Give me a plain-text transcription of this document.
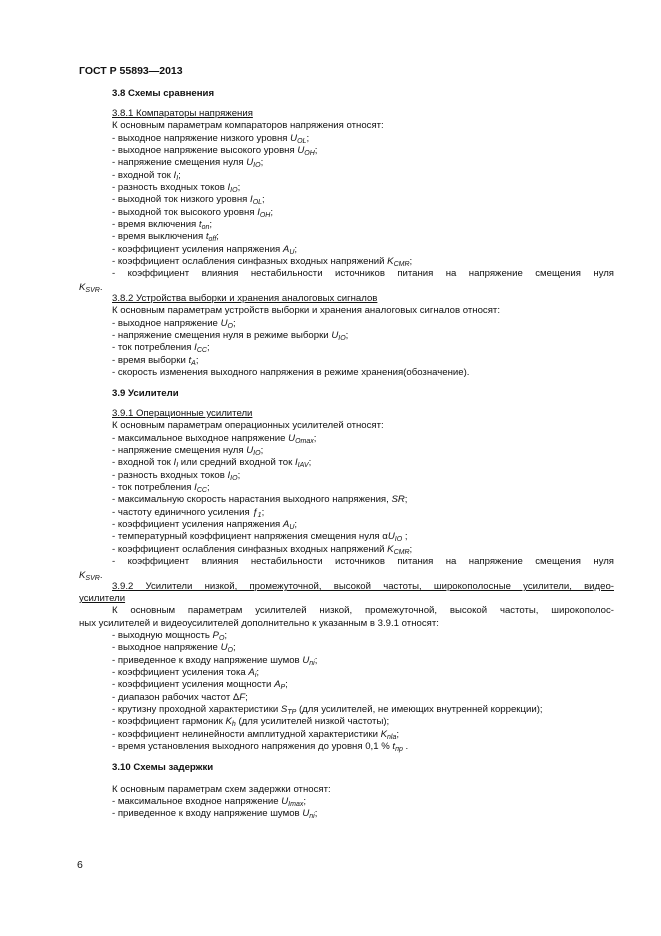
ГОСТ Р 55893—2013
3.8 Схемы сравнения
3.8.1 Компараторы напряжения
К основным параметрам компараторов напряжения относят:
- выходное напряжение низкого уровня $U_{OL}$;
- выходное напряжение высокого уровня $U_{OH}$;
- напряжение смещения нуля $U_{IO}$;
- входной ток $I_I$;
- разность входных токов $I_{IO}$;
- выходной ток низкого уровня $I_{OL}$;
- выходной ток высокого уровня $I_{OH}$;
- время включения $t_{on}$;
- время выключения $t_{off}$;
- коэффициент усиления напряжения $A_U$;
- коэффициент ослабления синфазных входных напряжений $K_{CMR}$;
- коэффициент влияния нестабильности источников питания на напряжение смещения нуля
$K_{SVR}$.
3.8.2 Устройства выборки и хранения аналоговых сигналов
К основным параметрам устройств выборки и хранения аналоговых сигналов относят:
- выходное напряжение $U_O$;
- напряжение смещения нуля в режиме выборки $U_{IO}$;
- ток потребления $I_{CC}$;
- время выборки $t_A$;
- скорость изменения выходного напряжения в режиме хранения(обозначение).
3.9 Усилители
3.9.1 Операционные усилители
К основным параметрам операционных усилителей относят:
- максимальное выходное напряжение $U_{Omax}$;
- напряжение смещения нуля $U_{IO}$;
- входной ток $I_I$ или средний входной ток $I_{IAV}$;
- разность входных токов $I_{IO}$;
- ток потребления $I_{CC}$;
- максимальную скорость нарастания выходного напряжения, SR;
- частоту единичного усиления $ƒ_1$;
- коэффициент усиления напряжения $A_U$;
- температурный коэффициент напряжения смещения нуля $\alpha U_{IO}$ ;
- коэффициент ослабления синфазных входных напряжений $K_{CMR}$;
- коэффициент влияния нестабильности источников питания на напряжение смещения нуля
$K_{SVR}$.
3.9.2 Усилители низкой, промежуточной, высокой частоты, широкополосные усилители, видео-
усилители
К основным параметрам усилителей низкой, промежуточной, высокой частоты, широкополос-
ных усилителей и видеоусилителей дополнительно к указанным в 3.9.1 относят:
- выходную мощность $P_O$;
- выходное напряжение $U_O$;
- приведенное к входу напряжение шумов $U_{ni}$;
- коэффициент усиления тока $A_i$;
- коэффициент усиления мощности $A_P$;
- диапазон рабочих частот ΔF;
- крутизну проходной характеристики $S_{TP}$ (для усилителей, не имеющих внутренней коррекции);
- коэффициент гармоник $K_h$ (для усилителей низкой частоты);
- коэффициент нелинейности амплитудной характеристики $K_{nla}$;
- время установления выходного напряжения до уровня 0,1 % $t_{пр}$ .
3.10 Схемы задержки
К основным параметрам схем задержки относят:
- максимальное входное напряжение $U_{Imax}$;
- приведенное к входу напряжение шумов $U_{ni}$;
6
